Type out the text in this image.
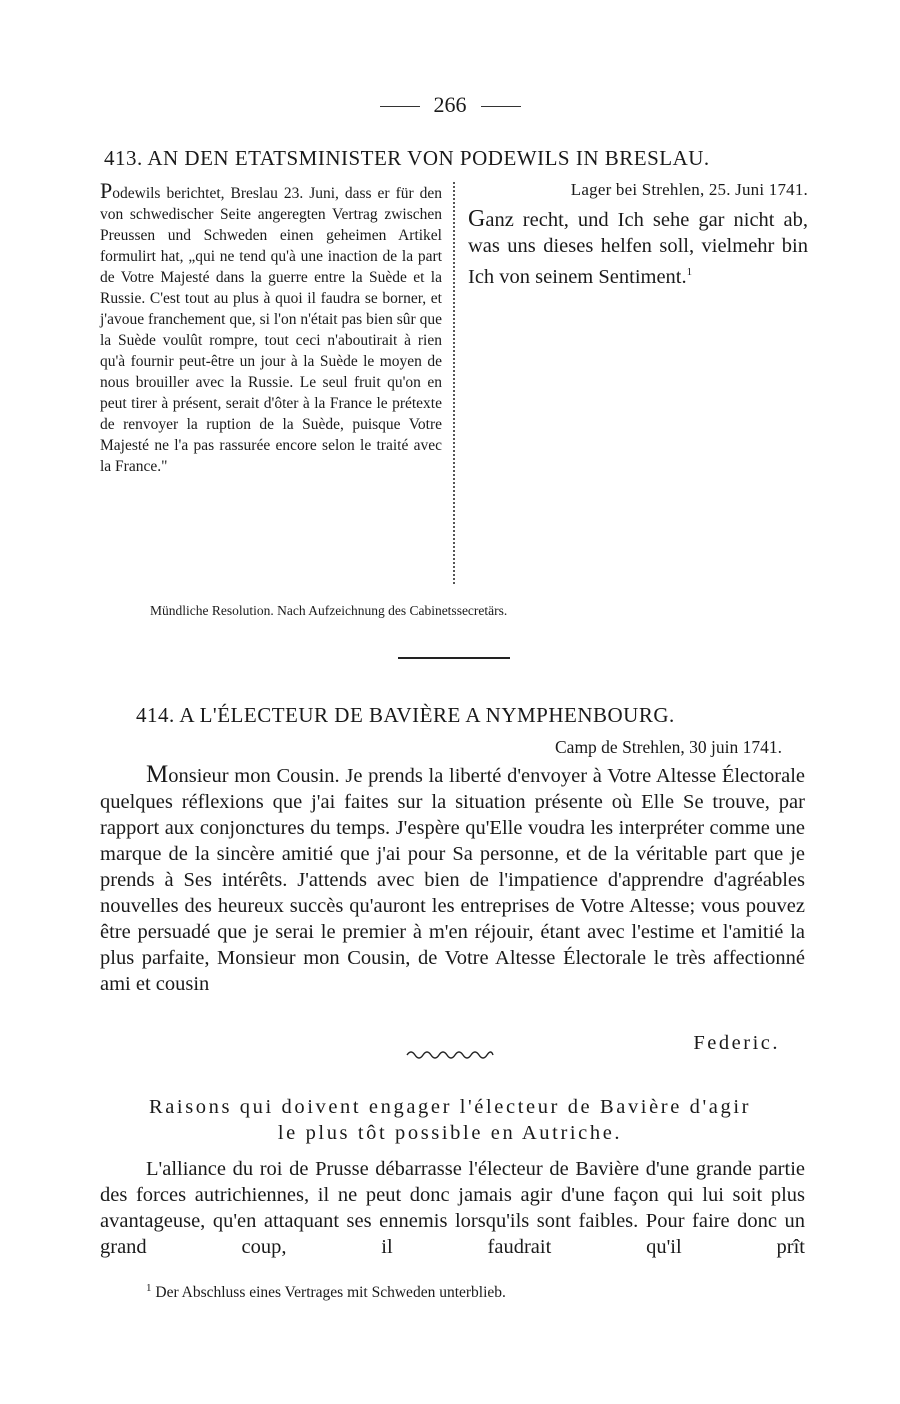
266
413. AN DEN ETATSMINISTER VON PODEWILS IN BRESLAU.
Podewils berichtet, Breslau 23. Juni, dass er für den von schwedischer Seite angeregten Vertrag zwischen Preussen und Schweden einen geheimen Artikel formulirt hat, „qui ne tend qu'à une inaction de la part de Votre Majesté dans la guerre entre la Suède et la Russie. C'est tout au plus à quoi il faudra se borner, et j'avoue franchement que, si l'on n'était pas bien sûr que la Suède voulût rompre, tout ceci n'aboutirait à rien qu'à fournir peut-être un jour à la Suède le moyen de nous brouiller avec la Russie. Le seul fruit qu'on en peut tirer à présent, serait d'ôter à la France le prétexte de renvoyer la ruption de la Suède, puisque Votre Majesté ne l'a pas rassurée encore selon le traité avec la France."
Lager bei Strehlen, 25. Juni 1741.
Ganz recht, und Ich sehe gar nicht ab, was uns dieses helfen soll, vielmehr bin Ich von seinem Sentiment.$^1$
Mündliche Resolution. Nach Aufzeichnung des Cabinetssecretärs.
414. A L'ÉLECTEUR DE BAVIÈRE A NYMPHENBOURG.
Camp de Strehlen, 30 juin 1741.
Monsieur mon Cousin. Je prends la liberté d'envoyer à Votre Altesse Électorale quelques réflexions que j'ai faites sur la situation présente où Elle Se trouve, par rapport aux conjonctures du temps. J'espère qu'Elle voudra les interpréter comme une marque de la sincère amitié que j'ai pour Sa personne, et de la véritable part que je prends à Ses intérêts. J'attends avec bien de l'impatience d'apprendre d'agréables nouvelles des heureux succès qu'auront les entreprises de Votre Altesse; vous pouvez être persuadé que je serai le premier à m'en réjouir, étant avec l'estime et l'amitié la plus parfaite, Monsieur mon Cousin, de Votre Altesse Électorale le très affectionné ami et cousin
Federic.
Raisons qui doivent engager l'électeur de Bavière d'agir
le plus tôt possible en Autriche.
L'alliance du roi de Prusse débarrasse l'électeur de Bavière d'une grande partie des forces autrichiennes, il ne peut donc jamais agir d'une façon qui lui soit plus avantageuse, qu'en attaquant ses ennemis lorsqu'ils sont faibles. Pour faire donc un grand coup, il faudrait qu'il prît
$^1$ Der Abschluss eines Vertrages mit Schweden unterblieb.
